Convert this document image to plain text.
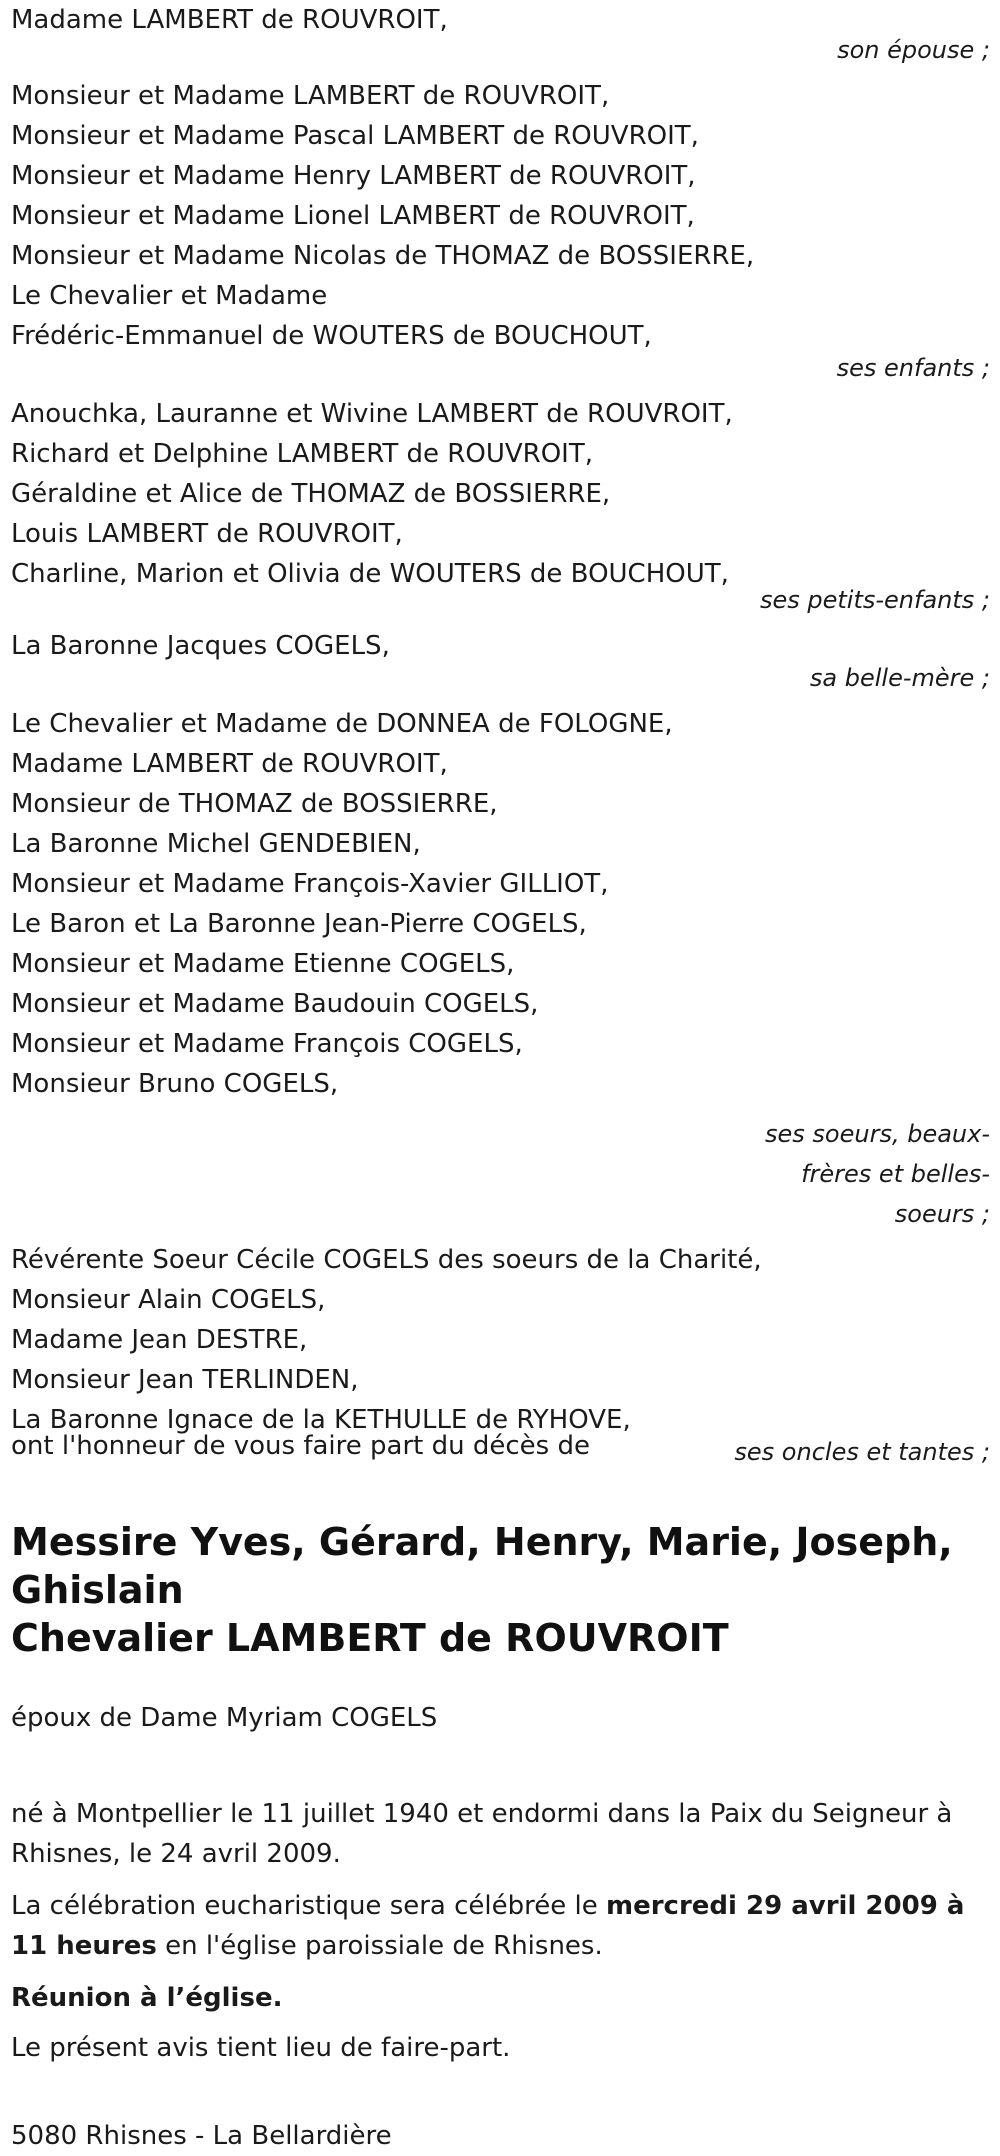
Madame LAMBERT de ROUVROIT,
son épouse ;
Monsieur et Madame LAMBERT de ROUVROIT,
Monsieur et Madame Pascal LAMBERT de ROUVROIT,
Monsieur et Madame Henry LAMBERT de ROUVROIT,
Monsieur et Madame Lionel LAMBERT de ROUVROIT,
Monsieur et Madame Nicolas de THOMAZ de BOSSIERRE,
Le Chevalier et Madame
Frédéric-Emmanuel de WOUTERS de BOUCHOUT,
ses enfants ;
Anouchka, Lauranne et Wivine LAMBERT de ROUVROIT,
Richard et Delphine LAMBERT de ROUVROIT,
Géraldine et Alice de THOMAZ de BOSSIERRE,
Louis LAMBERT de ROUVROIT,
Charline, Marion et Olivia de WOUTERS de BOUCHOUT,
ses petits-enfants ;
La Baronne Jacques COGELS,
sa belle-mère ;
Le Chevalier et Madame de DONNEA de FOLOGNE,
Madame LAMBERT de ROUVROIT,
Monsieur de THOMAZ de BOSSIERRE,
La Baronne Michel GENDEBIEN,
Monsieur et Madame François-Xavier GILLIOT,
Le Baron et La Baronne Jean-Pierre COGELS,
Monsieur et Madame Etienne COGELS,
Monsieur et Madame Baudouin COGELS,
Monsieur et Madame François COGELS,
Monsieur Bruno COGELS,
ses soeurs, beaux-frères et belles-soeurs ;
Révérente Soeur Cécile COGELS des soeurs de la Charité,
Monsieur Alain COGELS,
Madame Jean DESTRE,
Monsieur Jean TERLINDEN,
La Baronne Ignace de la KETHULLE de RYHOVE,
ses oncles et tantes ;
ont l'honneur de vous faire part du décès de
Messire Yves, Gérard, Henry, Marie, Joseph,
Ghislain
Chevalier LAMBERT de ROUVROIT
époux de Dame Myriam COGELS
né à Montpellier le 11 juillet 1940 et endormi dans la Paix du Seigneur à Rhisnes, le 24 avril 2009.
La célébration eucharistique sera célébrée le mercredi 29 avril 2009 à 11 heures en l'église paroissiale de Rhisnes.
Réunion à l’église.
Le présent avis tient lieu de faire-part.
5080 Rhisnes - La Bellardière
